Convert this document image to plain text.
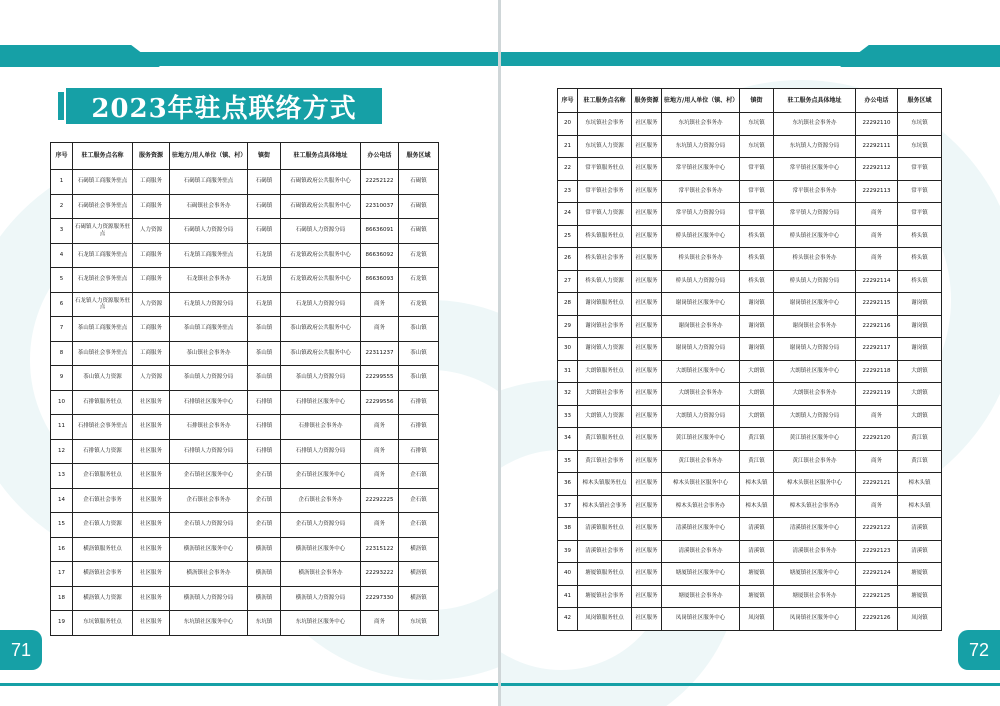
2023年驻点联络方式
序号	驻工服务点名称	服务资源	驻地方/用人单位（镇、村）	镇街	驻工服务点具体地址	办公电话	服务区域
1	石碣镇工商服务驻点	工商服务	石碣镇工商服务驻点	石碣镇	石碣镇政府公共服务中心	22252122	石碣镇
2	石碣镇社会事务驻点	工商服务	石碣镇社会事务办	石碣镇	石碣镇政府公共服务中心	22310037	石碣镇
3	石碣镇人力资源服务驻点	人力资源	石碣镇人力资源分局	石碣镇	石碣镇人力资源分局	86636091	石碣镇
4	石龙镇工商服务驻点	工商服务	石龙镇工商服务驻点	石龙镇	石龙镇政府公共服务中心	86636092	石龙镇
5	石龙镇社会事务驻点	工商服务	石龙镇社会事务办	石龙镇	石龙镇政府公共服务中心	86636093	石龙镇
6	石龙镇人力资源服务驻点	人力资源	石龙镇人力资源分局	石龙镇	石龙镇人力资源分局	商务	石龙镇
7	茶山镇工商服务驻点	工商服务	茶山镇工商服务驻点	茶山镇	茶山镇政府公共服务中心	商务	茶山镇
8	茶山镇社会事务驻点	工商服务	茶山镇社会事务办	茶山镇	茶山镇政府公共服务中心	22311237	茶山镇
9	茶山镇人力资源	人力资源	茶山镇人力资源分局	茶山镇	茶山镇人力资源分局	22299555	茶山镇
10	石排镇服务驻点	社区服务	石排镇社区服务中心	石排镇	石排镇社区服务中心	22299556	石排镇
11	石排镇社会事务驻点	社区服务	石排镇社会事务办	石排镇	石排镇社会事务办	商务	石排镇
12	石排镇人力资源	社区服务	石排镇人力资源分局	石排镇	石排镇人力资源分局	商务	石排镇
13	企石镇服务驻点	社区服务	企石镇社区服务中心	企石镇	企石镇社区服务中心	商务	企石镇
14	企石镇社会事务	社区服务	企石镇社会事务办	企石镇	企石镇社会事务办	22292225	企石镇
15	企石镇人力资源	社区服务	企石镇人力资源分局	企石镇	企石镇人力资源分局	商务	企石镇
16	横沥镇服务驻点	社区服务	横沥镇社区服务中心	横沥镇	横沥镇社区服务中心	22315122	横沥镇
17	横沥镇社会事务	社区服务	横沥镇社会事务办	横沥镇	横沥镇社会事务办	22293222	横沥镇
18	横沥镇人力资源	社区服务	横沥镇人力资源分局	横沥镇	横沥镇人力资源分局	22297330	横沥镇
19	东坑镇服务驻点	社区服务	东坑镇社区服务中心	东坑镇	东坑镇社区服务中心	商务	东坑镇
71
序号	驻工服务点名称	服务资源	驻地方/用人单位（镇、村）	镇街	驻工服务点具体地址	办公电话	服务区域
20	东坑镇社会事务	社区服务	东坑镇社会事务办	东坑镇	东坑镇社会事务办	22292110	东坑镇
21	东坑镇人力资源	社区服务	东坑镇人力资源分局	东坑镇	东坑镇人力资源分局	22292111	东坑镇
22	常平镇服务驻点	社区服务	常平镇社区服务中心	常平镇	常平镇社区服务中心	22292112	常平镇
23	常平镇社会事务	社区服务	常平镇社会事务办	常平镇	常平镇社会事务办	22292113	常平镇
24	常平镇人力资源	社区服务	常平镇人力资源分局	常平镇	常平镇人力资源分局	商务	常平镇
25	桥头镇服务驻点	社区服务	桥头镇社区服务中心	桥头镇	桥头镇社区服务中心	商务	桥头镇
26	桥头镇社会事务	社区服务	桥头镇社会事务办	桥头镇	桥头镇社会事务办	商务	桥头镇
27	桥头镇人力资源	社区服务	桥头镇人力资源分局	桥头镇	桥头镇人力资源分局	22292114	桥头镇
28	谢岗镇服务驻点	社区服务	谢岗镇社区服务中心	谢岗镇	谢岗镇社区服务中心	22292115	谢岗镇
29	谢岗镇社会事务	社区服务	谢岗镇社会事务办	谢岗镇	谢岗镇社会事务办	22292116	谢岗镇
30	谢岗镇人力资源	社区服务	谢岗镇人力资源分局	谢岗镇	谢岗镇人力资源分局	22292117	谢岗镇
31	大朗镇服务驻点	社区服务	大朗镇社区服务中心	大朗镇	大朗镇社区服务中心	22292118	大朗镇
32	大朗镇社会事务	社区服务	大朗镇社会事务办	大朗镇	大朗镇社会事务办	22292119	大朗镇
33	大朗镇人力资源	社区服务	大朗镇人力资源分局	大朗镇	大朗镇人力资源分局	商务	大朗镇
34	黄江镇服务驻点	社区服务	黄江镇社区服务中心	黄江镇	黄江镇社区服务中心	22292120	黄江镇
35	黄江镇社会事务	社区服务	黄江镇社会事务办	黄江镇	黄江镇社会事务办	商务	黄江镇
36	樟木头镇服务驻点	社区服务	樟木头镇社区服务中心	樟木头镇	樟木头镇社区服务中心	22292121	樟木头镇
37	樟木头镇社会事务	社区服务	樟木头镇社会事务办	樟木头镇	樟木头镇社会事务办	商务	樟木头镇
38	清溪镇服务驻点	社区服务	清溪镇社区服务中心	清溪镇	清溪镇社区服务中心	22292122	清溪镇
39	清溪镇社会事务	社区服务	清溪镇社会事务办	清溪镇	清溪镇社会事务办	22292123	清溪镇
40	塘厦镇服务驻点	社区服务	塘厦镇社区服务中心	塘厦镇	塘厦镇社区服务中心	22292124	塘厦镇
41	塘厦镇社会事务	社区服务	塘厦镇社会事务办	塘厦镇	塘厦镇社会事务办	22292125	塘厦镇
42	凤岗镇服务驻点	社区服务	凤岗镇社区服务中心	凤岗镇	凤岗镇社区服务中心	22292126	凤岗镇
72
